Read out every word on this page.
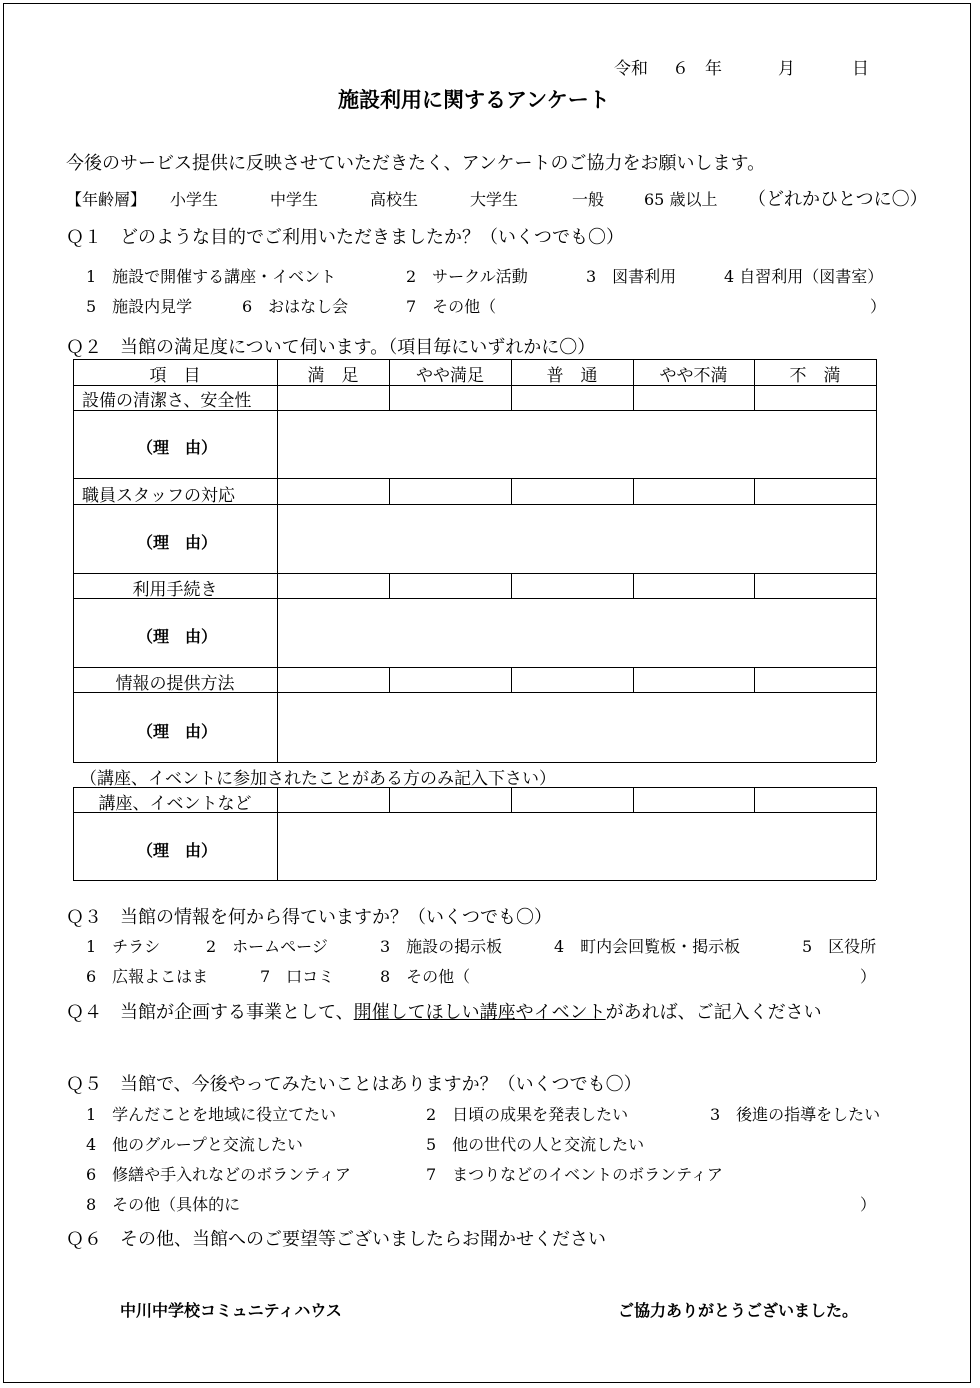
令和 ６ 年	月	日
施設利用に関するアンケート
今後のサービス提供に反映させていただきたく、アンケートのご協力をお願いします。
【年齢層】 小学生	中学生	高校生	大学生	一般 65 歳以上 （どれかひとつに〇）
Ｑ１　どのような目的でご利用いただきましたか？（いくつでも〇）
1　施設で開催する講座・イベント	2　サークル活動	3　図書利用	4 自習利用（図書室）
5　施設内見学	6　おはなし会	7　その他（	）
Ｑ２　当館の満足度について伺います。（項目毎にいずれかに〇）
項　目	満　足	やや満足	普　通	やや不満	不　満
設備の清潔さ、安全性
（理　由）
職員スタッフの対応
（理　由）
利用手続き
（理　由）
情報の提供方法
（理　由）
（講座、イベントに参加されたことがある方のみ記入下さい）
講座、イベントなど
（理　由）
Ｑ３　当館の情報を何から得ていますか？（いくつでも〇）
1　チラシ	2　ホームページ	3　施設の掲示板	4　町内会回覧板・掲示板	5　区役所
6　広報よこはま	7　口コミ	8　その他（	）
Ｑ４　当館が企画する事業として、開催してほしい講座やイベントがあれば、ご記入ください
Ｑ５　当館で、今後やってみたいことはありますか？（いくつでも〇）
1　学んだことを地域に役立てたい	2　日頃の成果を発表したい	3　後進の指導をしたい
4　他のグループと交流したい	5　他の世代の人と交流したい
6　修繕や手入れなどのボランティア	7　まつりなどのイベントのボランティア
8　その他（具体的に	）
Ｑ６　その他、当館へのご要望等ございましたらお聞かせください
中川中学校コミュニティハウス	ご協力ありがとうございました。
